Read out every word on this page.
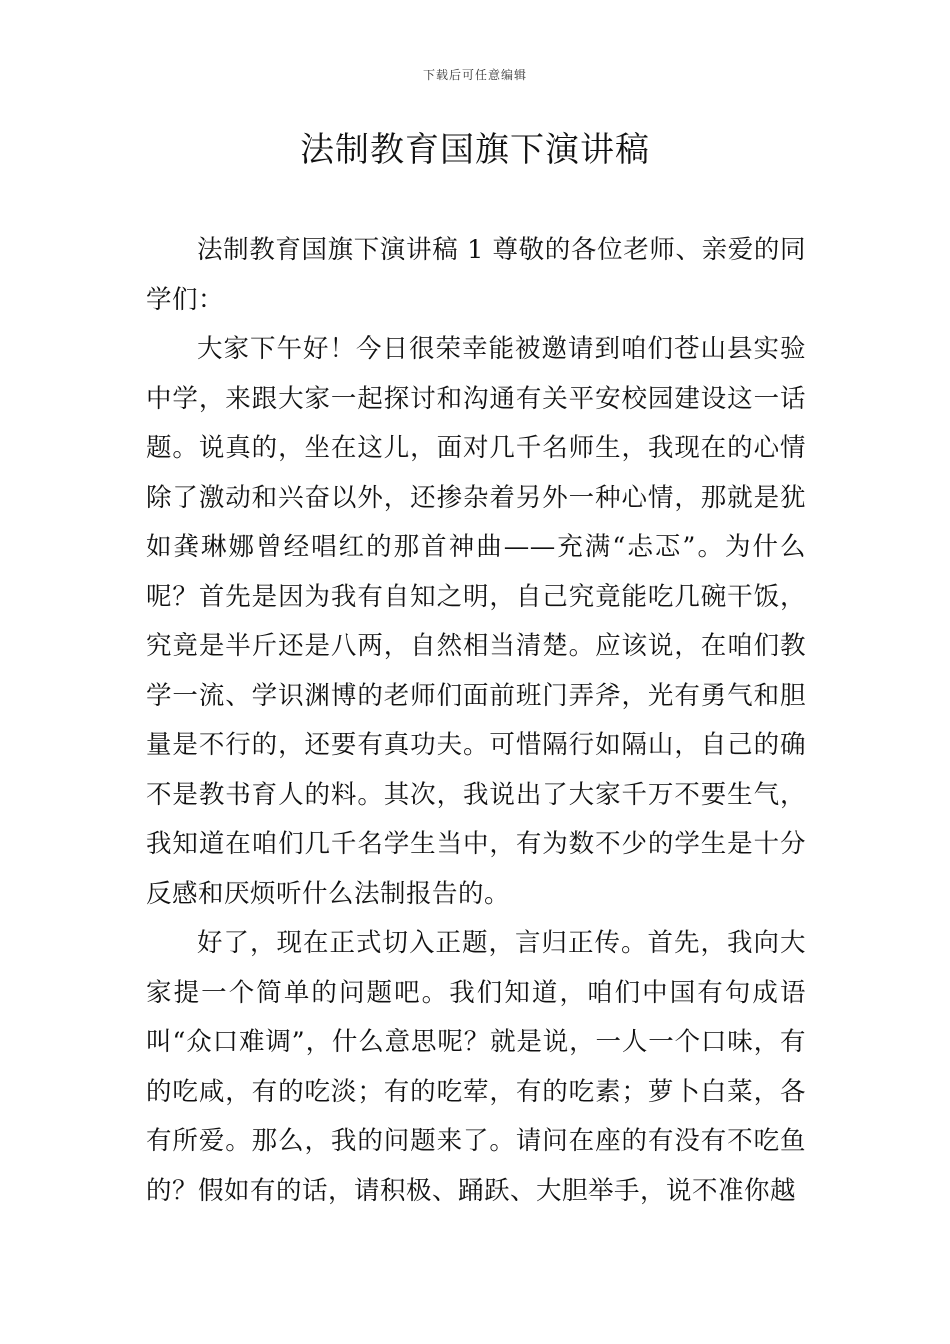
下载后可任意编辑
法制教育国旗下演讲稿

法制教育国旗下演讲稿 1 尊敬的各位老师、亲爱的同学们：

大家下午好！今日很荣幸能被邀请到咱们苍山县实验中学，来跟大家一起探讨和沟通有关平安校园建设这一话题。说真的，坐在这儿，面对几千名师生，我现在的心情除了激动和兴奋以外，还掺杂着另外一种心情，那就是犹如龚琳娜曾经唱红的那首神曲——充满“忐忑”。为什么呢？首先是因为我有自知之明，自己究竟能吃几碗干饭，究竟是半斤还是八两，自然相当清楚。应该说，在咱们教学一流、学识渊博的老师们面前班门弄斧，光有勇气和胆量是不行的，还要有真功夫。可惜隔行如隔山，自己的确不是教书育人的料。其次，我说出了大家千万不要生气，我知道在咱们几千名学生当中，有为数不少的学生是十分反感和厌烦听什么法制报告的。

好了，现在正式切入正题，言归正传。首先，我向大家提一个简单的问题吧。我们知道，咱们中国有句成语叫“众口难调”，什么意思呢？就是说，一人一个口味，有的吃咸，有的吃淡；有的吃荤，有的吃素；萝卜白菜，各有所爱。那么，我的问题来了。请问在座的有没有不吃鱼的？假如有的话，请积极、踊跃、大胆举手，说不准你越
